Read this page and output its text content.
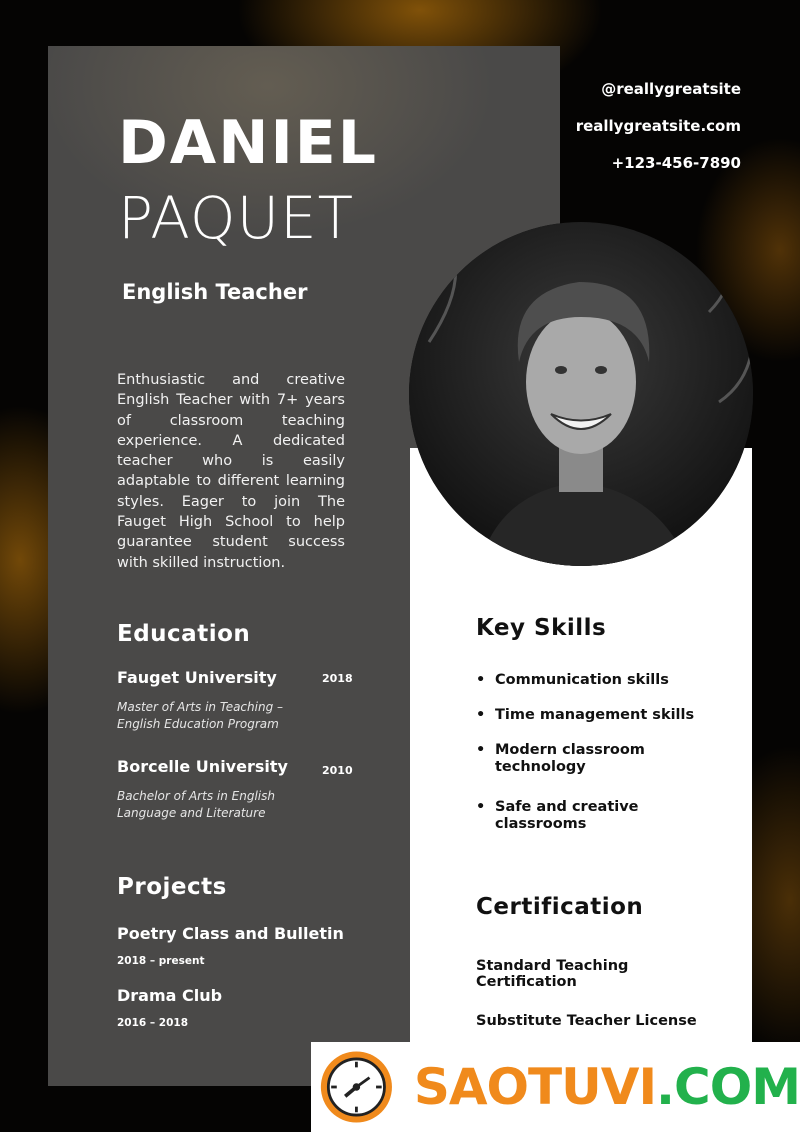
@reallygreatsite
reallygreatsite.com
+123-456-7890
DANIEL
PAQUET
English Teacher
Enthusiastic and creative English Teacher with 7+ years of classroom teaching experience. A dedicated teacher who is easily adaptable to different learning styles. Eager to join The Fauget High School to help guarantee student success with skilled instruction.
Education
Fauget University	2018
Master of Arts in Teaching – English Education Program
Borcelle University	2010
Bachelor of Arts in English Language and Literature
Projects
Poetry Class and Bulletin
2018 – present
Drama Club
2016 – 2018
Key Skills
• Communication skills
• Time management skills
• Modern classroom technology
• Safe and creative classrooms
Certification
Standard Teaching Certification
Substitute Teacher License
SAOTUVI.COM
